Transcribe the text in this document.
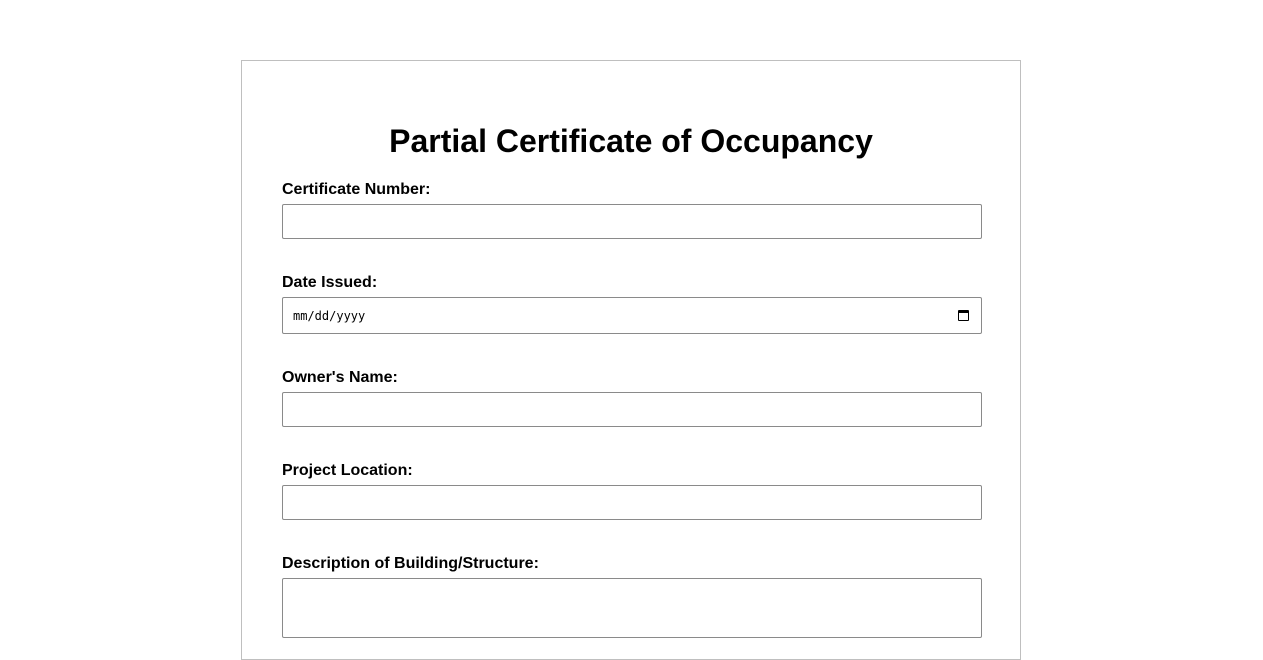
Partial Certificate of Occupancy
Certificate Number:
Date Issued:
mm/dd/yyyy
Owner's Name:
Project Location:
Description of Building/Structure:
